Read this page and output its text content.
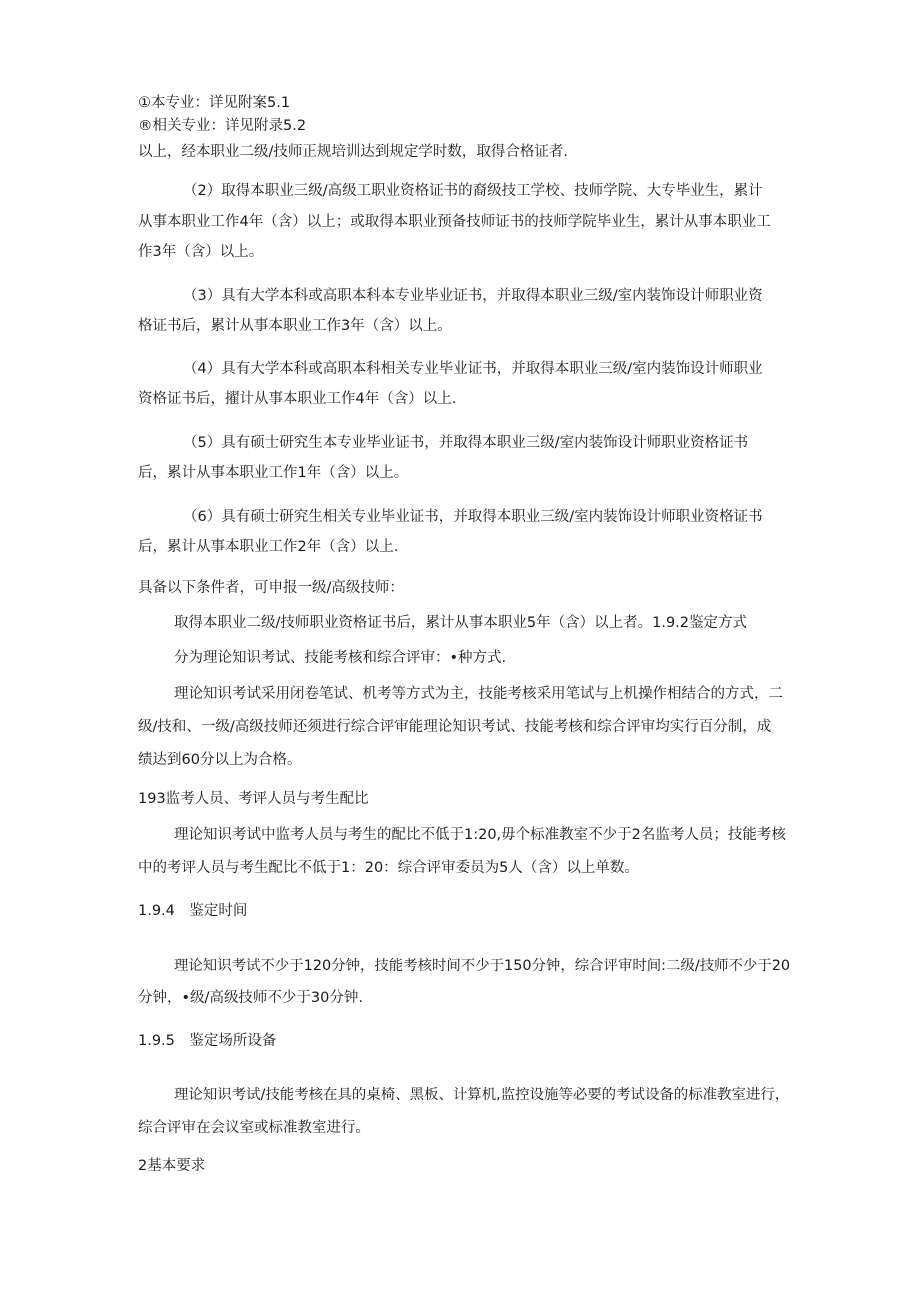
①本专业：详见附案5.1
®相关专业：详见附录5.2
以上，经本职业二级/技师正规培训达到规定学时数，取得合格证者.
（2）取得本职业三级/高级工职业资格证书的裔级技工学校、技师学院、大专毕业生，累计
从事本职业工作4年（含）以上；或取得本职业预备技师证书的技师学院毕业生，累计从事本职业工
作3年（含）以上。
（3）具有大学本科或高职本科本专业毕业证书，并取得本职业三级/室内装饰设计师职业资
格证书后，累计从事本职业工作3年（含）以上。
（4）具有大学本科或高职本科相关专业毕业证书，并取得本职业三级/室内装饰设计师职业
资格证书后，擢计从事本职业工作4年（含）以上.
（5）具有硕士研究生本专业毕业证书，并取得本职业三级/室内装饰设计师职业资格证书
后，累计从事本职业工作1年（含）以上。
（6）具有硕士研究生相关专业毕业证书，并取得本职业三级/室内装饰设计师职业资格证书
后，累计从事本职业工作2年（含）以上.
具备以下条件者，可申报一级/高级技师：
取得本职业二级/技师职业资格证书后，累计从事本职业5年（含）以上者。1.9.2鉴定方式
分为理论知识考试、技能考核和综合评审：•种方式.
理论知识考试采用闭卷笔试、机考等方式为主，技能考核采用笔试与上机操作相结合的方式，二
级/技和、一级/高级技师还须进行综合评审能理论知识考试、技能考核和综合评审均实行百分制，成
绩达到60分以上为合格。
193监考人员、考评人员与考生配比
理论知识考试中监考人员与考生的配比不低于1:20,毋个标准教室不少于2名监考人员；技能考核
中的考评人员与考生配比不低于1：20：综合评审委员为5人（含）以上单数。
1.9.4　鉴定时间
理论知识考试不少于120分钟，技能考核时间不少于150分钟，综合评审时间:二级/技师不少于20
分钟，•级/高级技师不少于30分钟.
1.9.5　鉴定场所设备
理论知识考试/技能考核在具的桌椅、黑板、计算机,监控设施等必要的考试设备的标准教室进行，
综合评审在会议室或标准教室进行。
2基本要求
